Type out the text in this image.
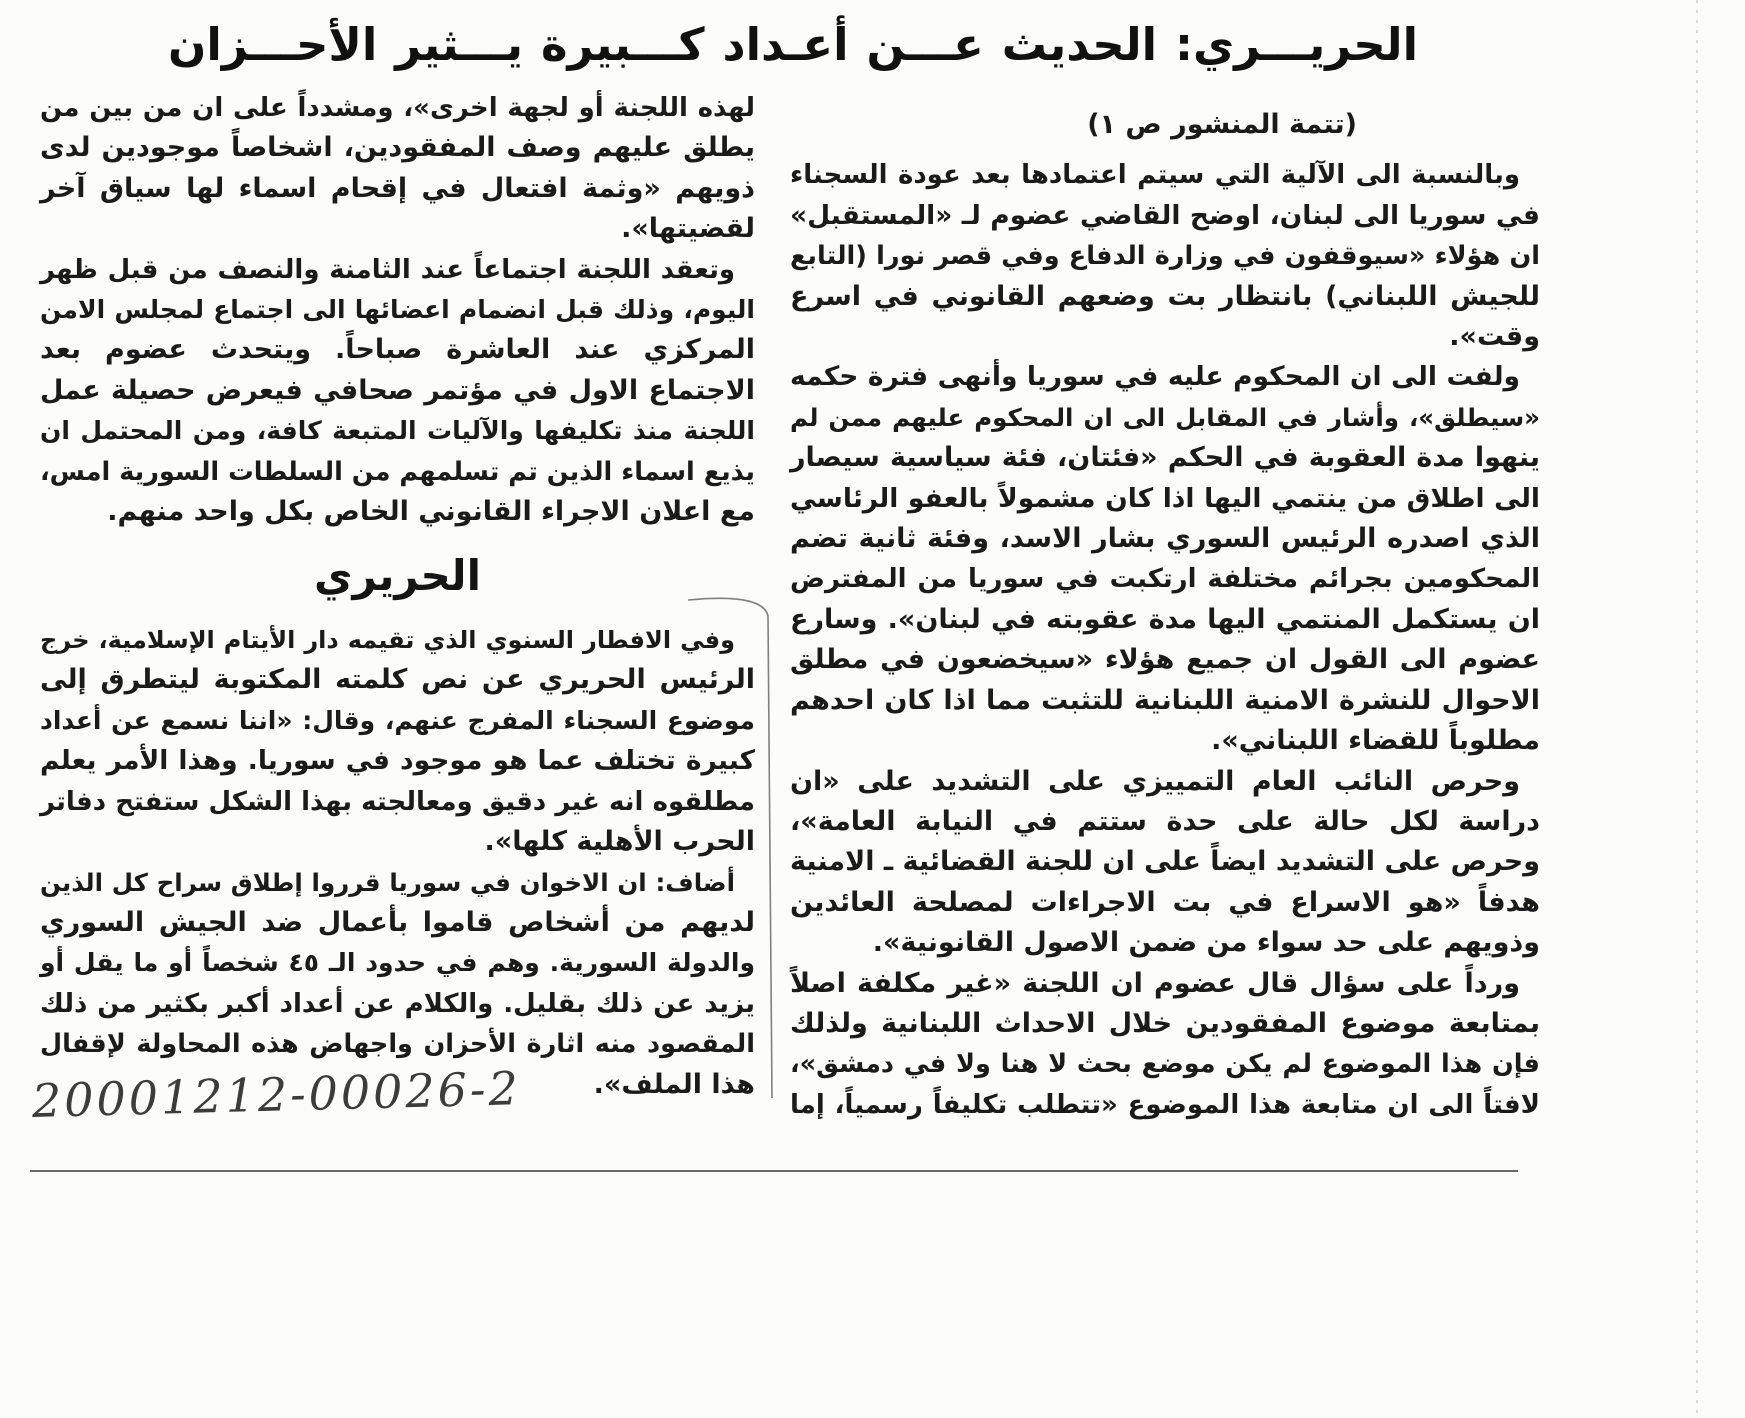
الحريـــري: الحديث عـــن أعـداد كـــبيرة يـــثير الأحـــزان
(تتمة المنشور ص ١)
وبالنسبة الى الآلية التي سيتم اعتمادها بعد عودة السجناء
في سوريا الى لبنان، اوضح القاضي عضوم لـ «المستقبل»
ان هؤلاء «سيوقفون في وزارة الدفاع وفي قصر نورا (التابع
للجيش اللبناني) بانتظار بت وضعهم القانوني في اسرع
وقت».
ولفت الى ان المحكوم عليه في سوريا وأنهى فترة حكمه
«سيطلق»، وأشار في المقابل الى ان المحكوم عليهم ممن لم
ينهوا مدة العقوبة في الحكم «فئتان، فئة سياسية سيصار
الى اطلاق من ينتمي اليها اذا كان مشمولاً بالعفو الرئاسي
الذي اصدره الرئيس السوري بشار الاسد، وفئة ثانية تضم
المحكومين بجرائم مختلفة ارتكبت في سوريا من المفترض
ان يستكمل المنتمي اليها مدة عقوبته في لبنان». وسارع
عضوم الى القول ان جميع هؤلاء «سيخضعون في مطلق
الاحوال للنشرة الامنية اللبنانية للتثبت مما اذا كان احدهم
مطلوباً للقضاء اللبناني».
وحرص النائب العام التمييزي على التشديد على «ان
دراسة لكل حالة على حدة ستتم في النيابة العامة»،
وحرص على التشديد ايضاً على ان للجنة القضائية ـ الامنية
هدفاً «هو الاسراع في بت الاجراءات لمصلحة العائدين
وذويهم على حد سواء من ضمن الاصول القانونية».
ورداً على سؤال قال عضوم ان اللجنة «غير مكلفة اصلاً
بمتابعة موضوع المفقودين خلال الاحداث اللبنانية ولذلك
فإن هذا الموضوع لم يكن موضع بحث لا هنا ولا في دمشق»،
لافتاً الى ان متابعة هذا الموضوع «تتطلب تكليفاً رسمياً، إما
لهذه اللجنة أو لجهة اخرى»، ومشدداً على ان من بين من
يطلق عليهم وصف المفقودين، اشخاصاً موجودين لدى
ذويهم «وثمة افتعال في إقحام اسماء لها سياق آخر
لقضيتها».
وتعقد اللجنة اجتماعاً عند الثامنة والنصف من قبل ظهر
اليوم، وذلك قبل انضمام اعضائها الى اجتماع لمجلس الامن
المركزي عند العاشرة صباحاً. ويتحدث عضوم بعد
الاجتماع الاول في مؤتمر صحافي فيعرض حصيلة عمل
اللجنة منذ تكليفها والآليات المتبعة كافة، ومن المحتمل ان
يذيع اسماء الذين تم تسلمهم من السلطات السورية امس،
مع اعلان الاجراء القانوني الخاص بكل واحد منهم.
الحريري
وفي الافطار السنوي الذي تقيمه دار الأيتام الإسلامية، خرج
الرئيس الحريري عن نص كلمته المكتوبة ليتطرق إلى
موضوع السجناء المفرج عنهم، وقال: «اننا نسمع عن أعداد
كبيرة تختلف عما هو موجود في سوريا. وهذا الأمر يعلم
مطلقوه انه غير دقيق ومعالجته بهذا الشكل ستفتح دفاتر
الحرب الأهلية كلها».
أضاف: ان الاخوان في سوريا قرروا إطلاق سراح كل الذين
لديهم من أشخاص قاموا بأعمال ضد الجيش السوري
والدولة السورية. وهم في حدود الـ ٤٥ شخصاً أو ما يقل أو
يزيد عن ذلك بقليل. والكلام عن أعداد أكبر بكثير من ذلك
المقصود منه اثارة الأحزان واجهاض هذه المحاولة لإقفال
هذا الملف».
20001212-00026-2
